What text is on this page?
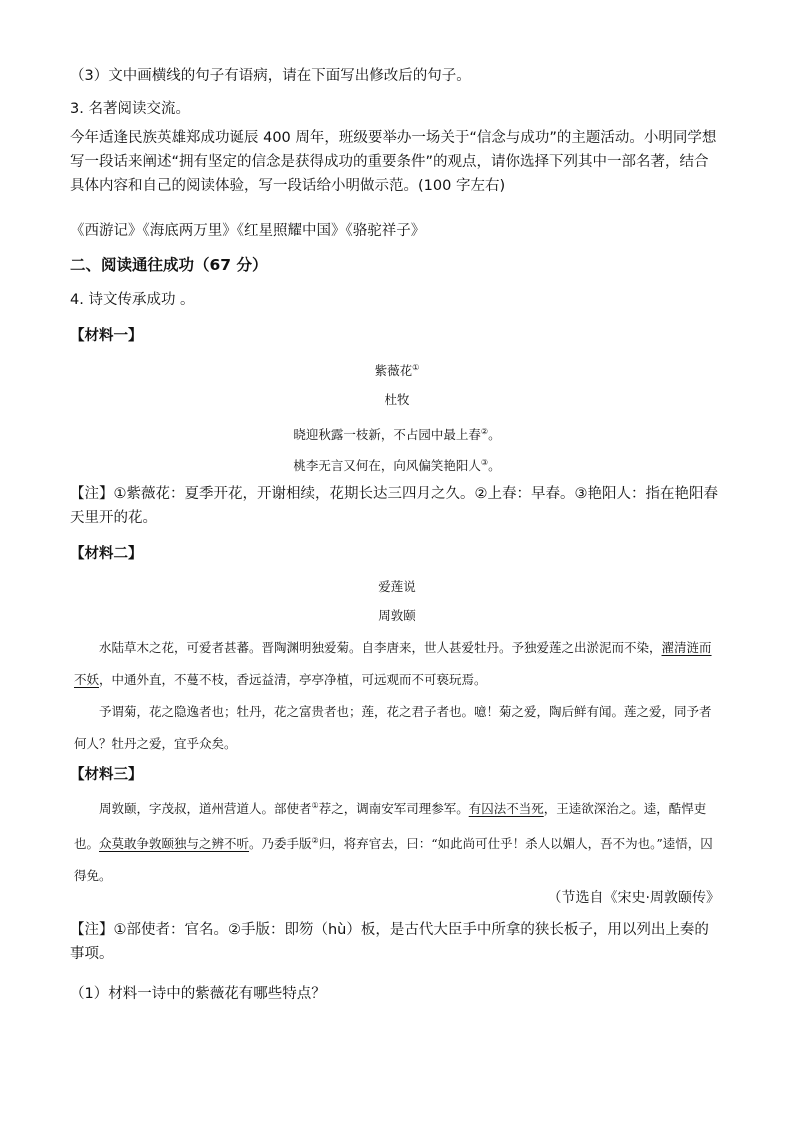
（3）文中画横线的句子有语病，请在下面写出修改后的句子。
3. 名著阅读交流。
今年适逢民族英雄郑成功诞辰 400 周年，班级要举办一场关于“信念与成功”的主题活动。小明同学想写一段话来阐述“拥有坚定的信念是获得成功的重要条件”的观点，请你选择下列其中一部名著，结合具体内容和自己的阅读体验，写一段话给小明做示范。(100 字左右)
《西游记》《海底两万里》《红星照耀中国》《骆驼祥子》
二、阅读通往成功（67 分）
4. 诗文传承成功 。
【材料一】
紫薇花①
杜牧
晓迎秋露一枝新，不占园中最上春②。
桃李无言又何在，向风偏笑艳阳人③。
【注】①紫薇花：夏季开花，开谢相续，花期长达三四月之久。②上春：早春。③艳阳人：指在艳阳春天里开的花。
【材料二】
爱莲说
周敦颐
水陆草木之花，可爱者甚蕃。晋陶渊明独爱菊。自李唐来，世人甚爱牡丹。予独爱莲之出淤泥而不染，濯清涟而不妖，中通外直，不蔓不枝，香远益清，亭亭净植，可远观而不可亵玩焉。
予谓菊，花之隐逸者也；牡丹，花之富贵者也；莲，花之君子者也。噫！菊之爱，陶后鲜有闻。莲之爱，同予者何人？牡丹之爱，宜乎众矣。
【材料三】
周敦颐，字茂叔，道州营道人。部使者①荐之，调南安军司理参军。有囚法不当死，王逵欲深治之。逵，酷悍吏也。众莫敢争敦颐独与之辨不听。乃委手版②归，将弃官去，曰：“如此尚可仕乎！杀人以媚人，吾不为也。”逵悟，囚得免。
（节选自《宋史·周敦颐传》
【注】①部使者：官名。②手版：即笏（hù）板，是古代大臣手中所拿的狭长板子，用以列出上奏的事项。
（1）材料一诗中的紫薇花有哪些特点？
